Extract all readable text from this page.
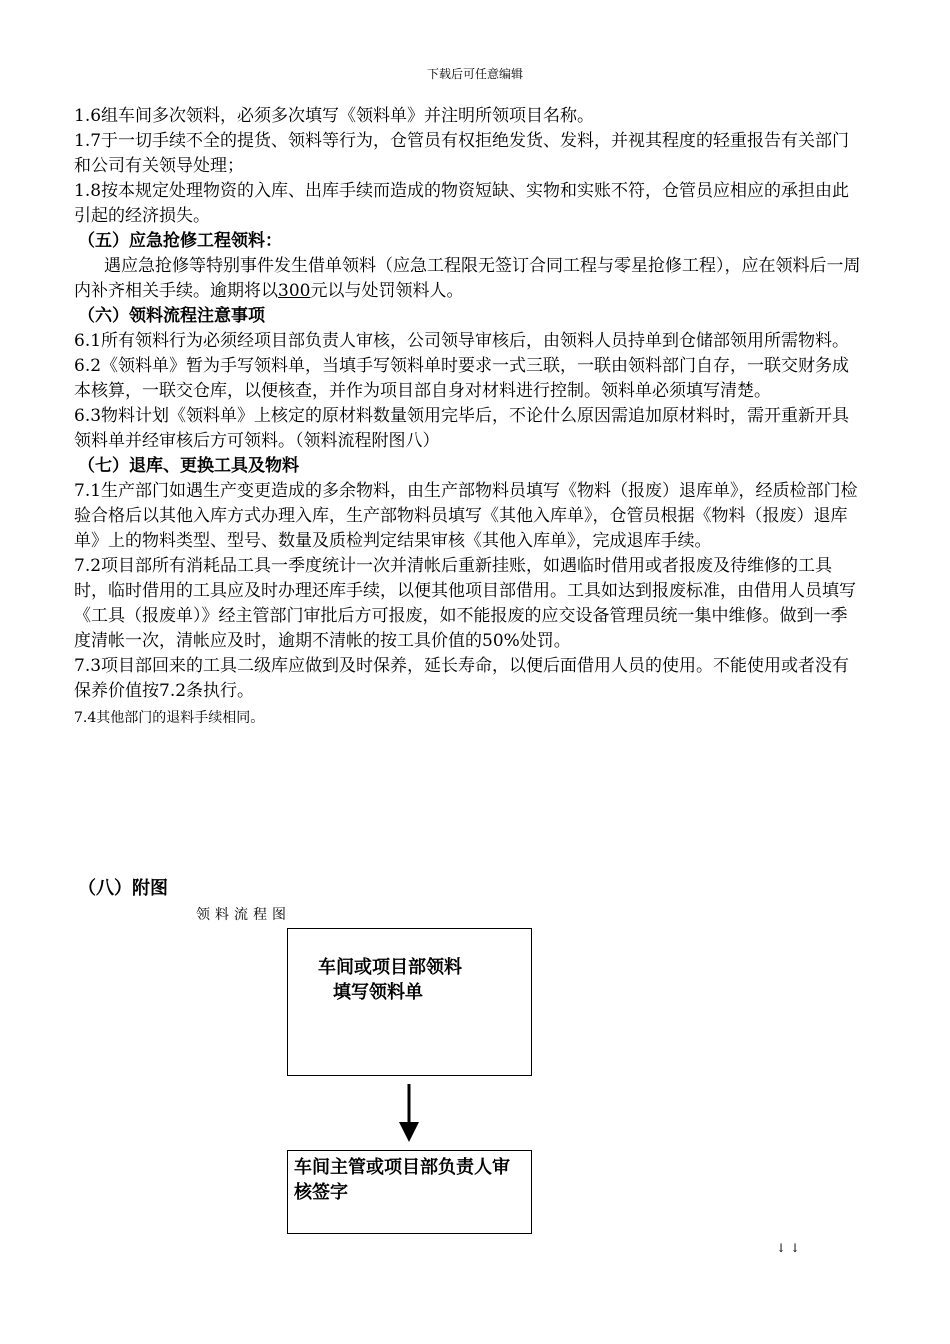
下载后可任意编辑

1.6组车间多次领料，必须多次填写《领料单》并注明所领项目名称。

1.7于一切手续不全的提货、领料等行为，仓管员有权拒绝发货、发料，并视其程度的轻重报告有关部门和公司有关领导处理；

1.8按本规定处理物资的入库、出库手续而造成的物资短缺、实物和实账不符，仓管员应相应的承担由此引起的经济损失。

（五）应急抢修工程领料：

遇应急抢修等特别事件发生借单领料（应急工程限无签订合同工程与零星抢修工程），应在领料后一周内补齐相关手续。逾期将以300元以与处罚领料人。

（六）领料流程注意事项

6.1所有领料行为必须经项目部负责人审核，公司领导审核后，由领料人员持单到仓储部领用所需物料。

6.2《领料单》暂为手写领料单，当填手写领料单时要求一式三联，一联由领料部门自存，一联交财务成本核算，一联交仓库，以便核查，并作为项目部自身对材料进行控制。领料单必须填写清楚。

6.3物料计划《领料单》上核定的原材料数量领用完毕后，不论什么原因需追加原材料时，需开重新开具领料单并经审核后方可领料。（领料流程附图八）

（七）退库、更换工具及物料

7.1生产部门如遇生产变更造成的多余物料，由生产部物料员填写《物料（报废）退库单》，经质检部门检验合格后以其他入库方式办理入库，生产部物料员填写《其他入库单》，仓管员根据《物料（报废）退库单》上的物料类型、型号、数量及质检判定结果审核《其他入库单》，完成退库手续。

7.2项目部所有消耗品工具一季度统计一次并清帐后重新挂账，如遇临时借用或者报废及待维修的工具时，临时借用的工具应及时办理还库手续，以便其他项目部借用。工具如达到报废标准，由借用人员填写《工具（报废单）》经主管部门审批后方可报废，如不能报废的应交设备管理员统一集中维修。做到一季度清帐一次，清帐应及时，逾期不清帐的按工具价值的50%处罚。

7.3项目部回来的工具二级库应做到及时保养，延长寿命，以便后面借用人员的使用。不能使用或者没有保养价值按7.2条执行。

7.4其他部门的退料手续相同。

（八）附图
领料流程图
车间或项目部领料
填写领料单
车间主管或项目部负责人审核签字
↓↓
